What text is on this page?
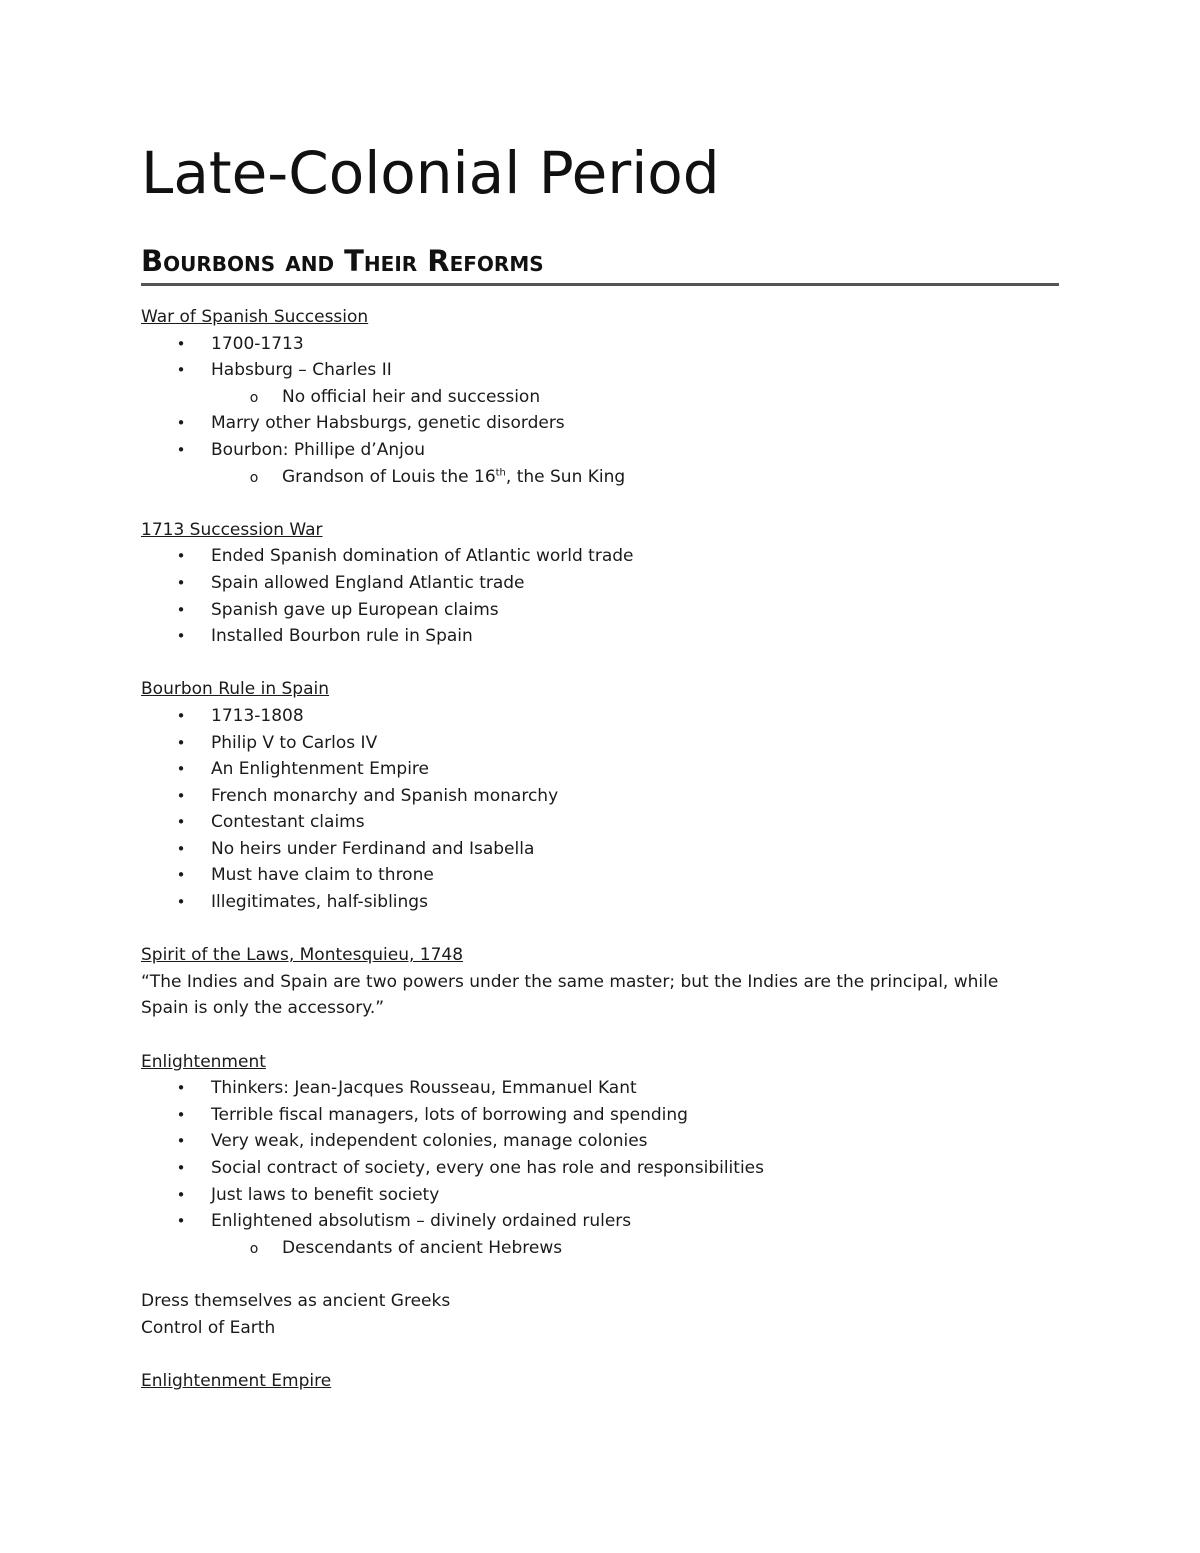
Late-Colonial Period
Bourbons and Their Reforms
War of Spanish Succession
• 1700-1713
• Habsburg – Charles II
o No official heir and succession
• Marry other Habsburgs, genetic disorders
• Bourbon: Phillipe d’Anjou
o Grandson of Louis the 16th, the Sun King
1713 Succession War
• Ended Spanish domination of Atlantic world trade
• Spain allowed England Atlantic trade
• Spanish gave up European claims
• Installed Bourbon rule in Spain
Bourbon Rule in Spain
• 1713-1808
• Philip V to Carlos IV
• An Enlightenment Empire
• French monarchy and Spanish monarchy
• Contestant claims
• No heirs under Ferdinand and Isabella
• Must have claim to throne
• Illegitimates, half-siblings
Spirit of the Laws, Montesquieu, 1748

“The Indies and Spain are two powers under the same master; but the Indies are the principal, while Spain is only the accessory.”

Enlightenment
• Thinkers: Jean-Jacques Rousseau, Emmanuel Kant
• Terrible fiscal managers, lots of borrowing and spending
• Very weak, independent colonies, manage colonies
• Social contract of society, every one has role and responsibilities
• Just laws to benefit society
• Enlightened absolutism – divinely ordained rulers
o Descendants of ancient Hebrews
Dress themselves as ancient Greeks
Control of Earth
Enlightenment Empire
